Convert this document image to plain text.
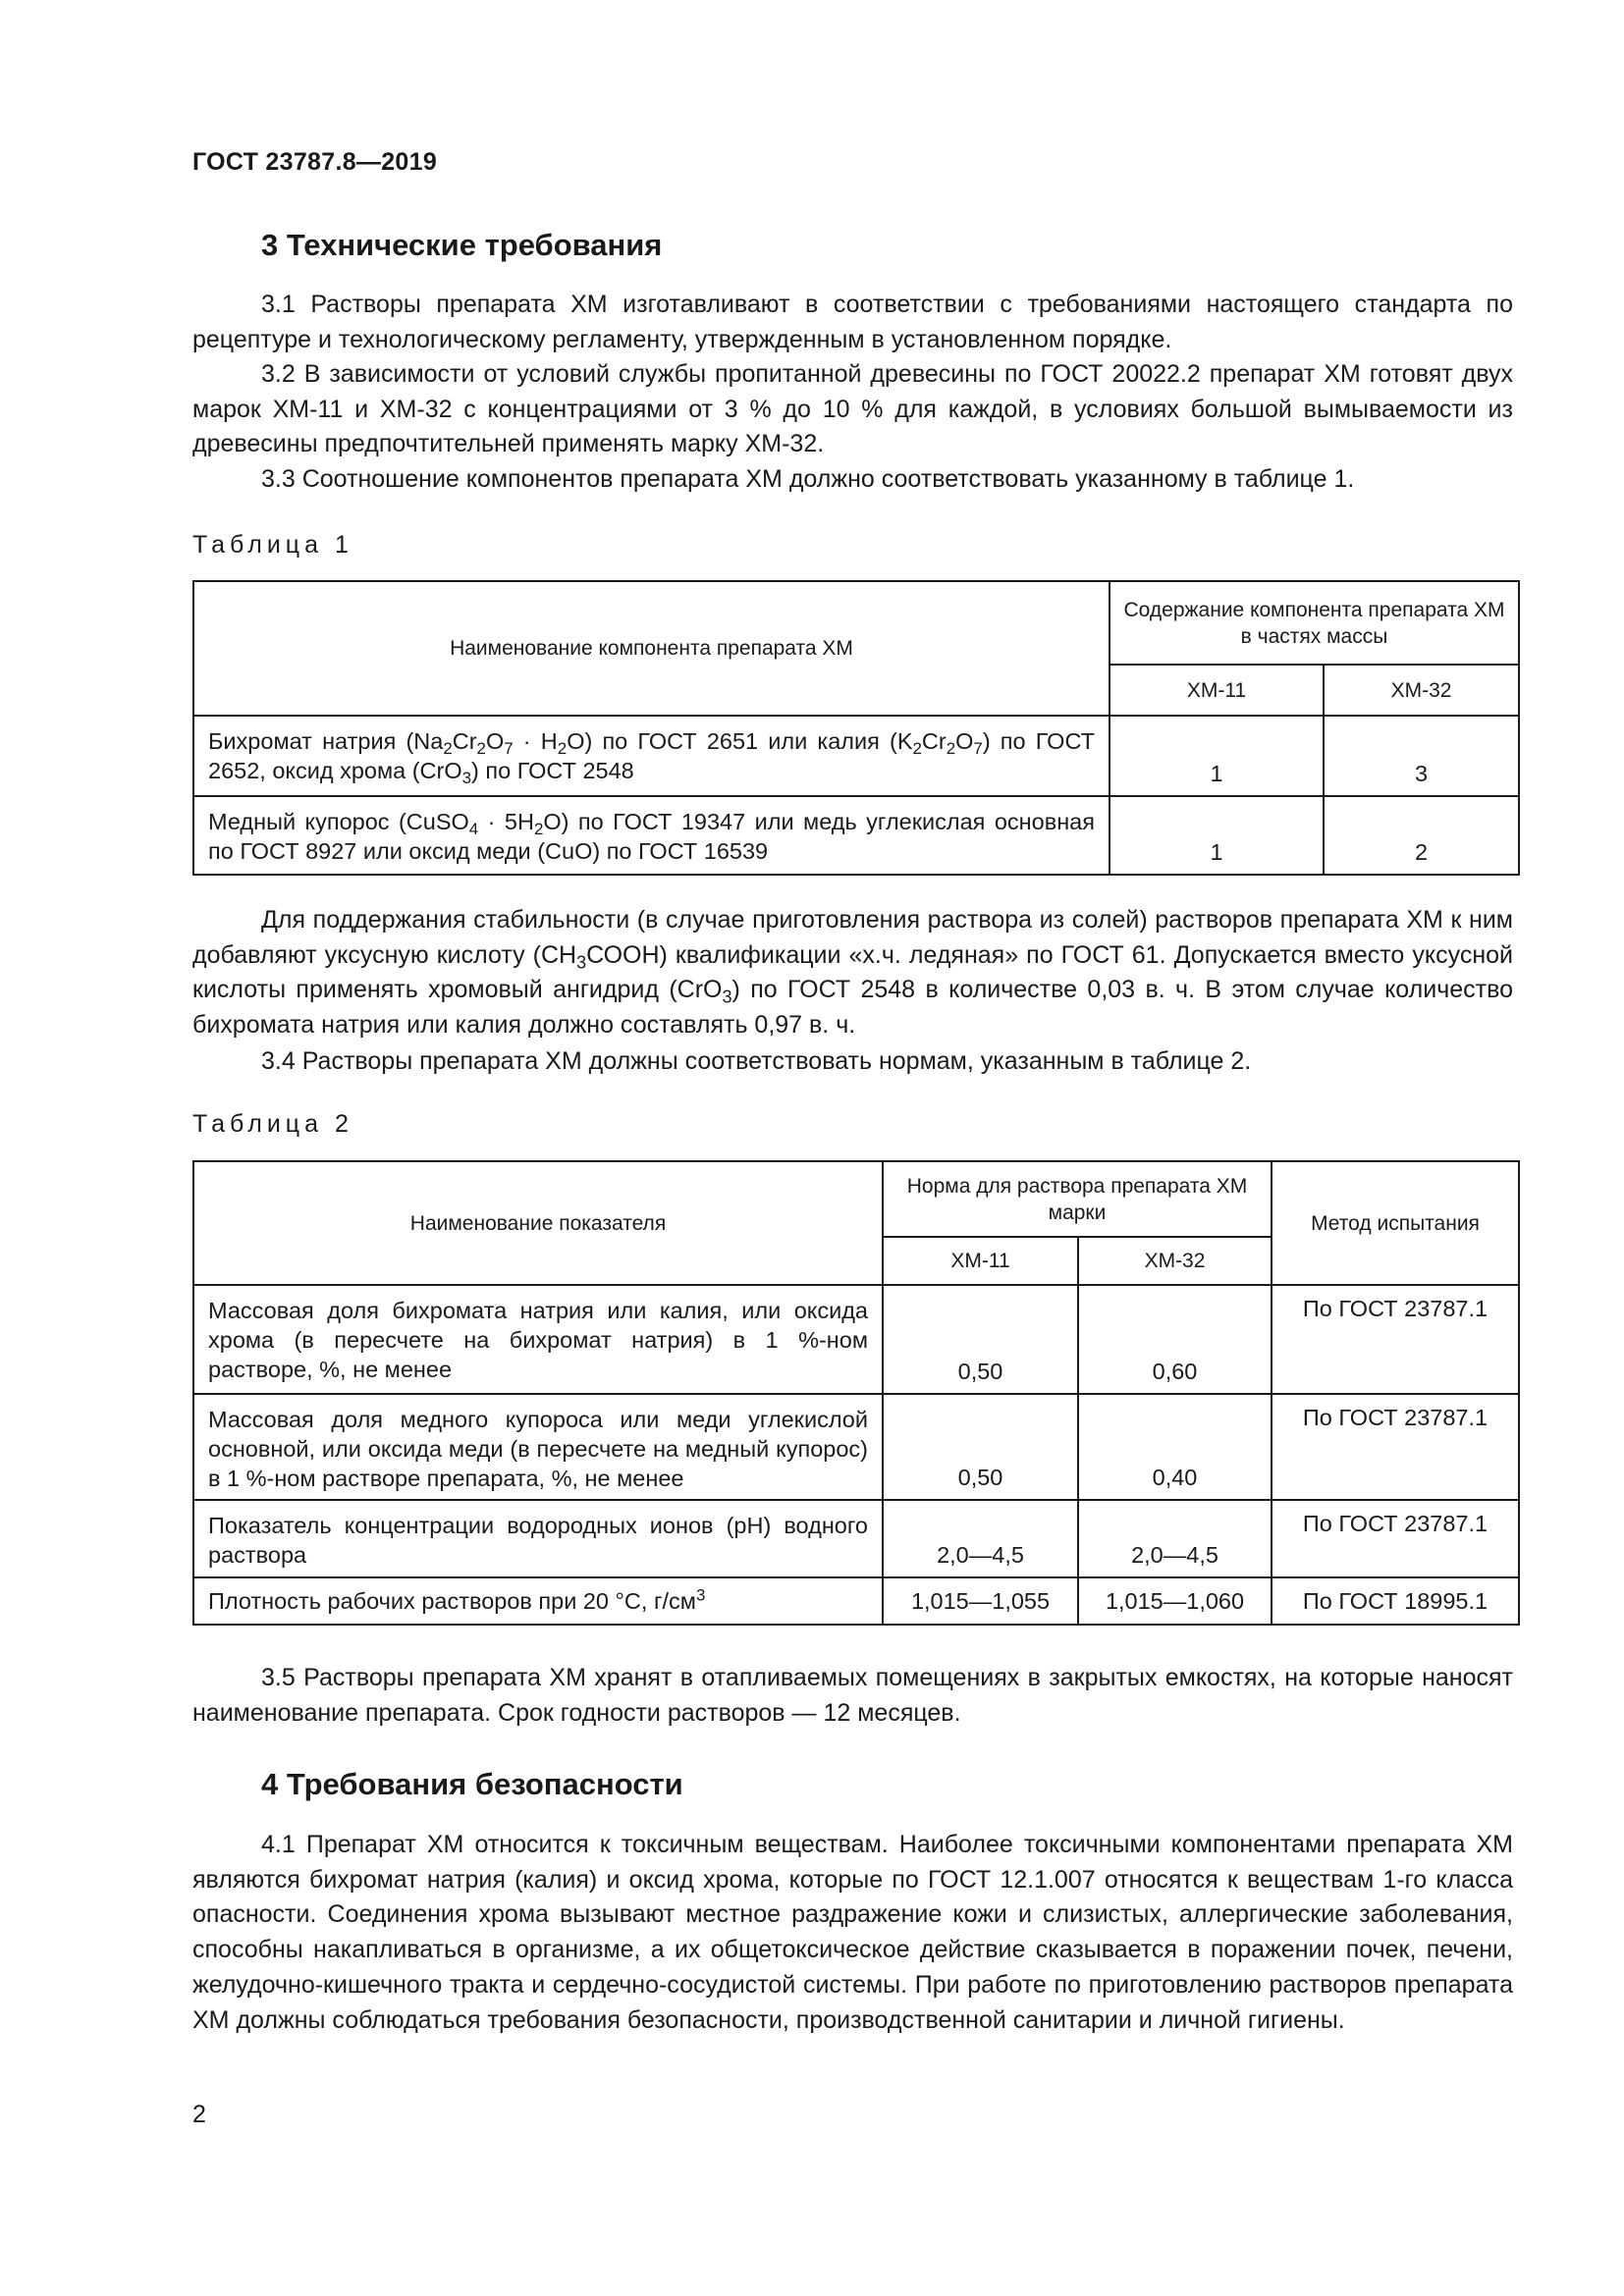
ГОСТ 23787.8—2019
3 Технические требования

3.1 Растворы препарата ХМ изготавливают в соответствии с требованиями настоящего стандарта по рецептуре и технологическому регламенту, утвержденным в установленном порядке.

3.2 В зависимости от условий службы пропитанной древесины по ГОСТ 20022.2 препарат ХМ готовят двух марок ХМ-11 и ХМ-32 с концентрациями от 3 % до 10 % для каждой, в условиях большой вымываемости из древесины предпочтительней применять марку ХМ-32.

3.3 Соотношение компонентов препарата ХМ должно соответствовать указанному в таблице 1.

Таблица 1
Наименование компонента препарата ХМ	Содержание компонента препарата ХМ в частях массы	
	ХМ-11	ХМ-32
Бихромат натрия $(Na_2Cr_2O_7 \cdot H_2O)$ по ГОСТ 2651 или калия $(K_2Cr_2O_7)$ по ГОСТ 2652, оксид хрома (CrO$_3$) по ГОСТ 2548	1	3
Медный купорос (CuSO$_4$ · $5H_2O$) по ГОСТ 19347 или медь углекислая основная по ГОСТ 8927 или оксид меди (CuO) по ГОСТ 16539	1	2

Для поддержания стабильности (в случае приготовления раствора из солей) растворов препарата ХМ к ним добавляют уксусную кислоту $(СН_3СООН)$ квалификации «х.ч. ледяная» по ГОСТ 61. Допускается вместо уксусной кислоты применять хромовый ангидрид (CrO$_3$) по ГОСТ 2548 в количестве 0,03 в. ч. В этом случае количество бихромата натрия или калия должно составлять 0,97 в. ч.

3.4 Растворы препарата ХМ должны соответствовать нормам, указанным в таблице 2.

Таблица 2
Наименование показателя	Норма для раствора препарата ХМ марки		Метод испытания
	ХМ-11	ХМ-32	
Массовая доля бихромата натрия или калия, или оксида хрома (в пересчете на бихромат натрия) в 1 %-ном растворе, %, не менее	0,50	0,60	По ГОСТ 23787.1
Массовая доля медного купороса или меди углекислой основной, или оксида меди (в пересчете на медный купорос) в 1 %-ном растворе препарата, %, не менее	0,50	0,40	По ГОСТ 23787.1
Показатель концентрации водородных ионов (pH) водного раствора	2,0—4,5	2,0—4,5	По ГОСТ 23787.1
Плотность рабочих растворов при 20 °С, $г/см^3$	1,015—1,055	1,015—1,060	По ГОСТ 18995.1

3.5 Растворы препарата ХМ хранят в отапливаемых помещениях в закрытых емкостях, на которые наносят наименование препарата. Срок годности растворов — 12 месяцев.

4 Требования безопасности

4.1 Препарат ХМ относится к токсичным веществам. Наиболее токсичными компонентами препарата ХМ являются бихромат натрия (калия) и оксид хрома, которые по ГОСТ 12.1.007 относятся к веществам 1-го класса опасности. Соединения хрома вызывают местное раздражение кожи и слизистых, аллергические заболевания, способны накапливаться в организме, а их общетоксическое действие сказывается в поражении почек, печени, желудочно-кишечного тракта и сердечно-сосудистой системы. При работе по приготовлению растворов препарата ХМ должны соблюдаться требования безопасности, производственной санитарии и личной гигиены.

2
